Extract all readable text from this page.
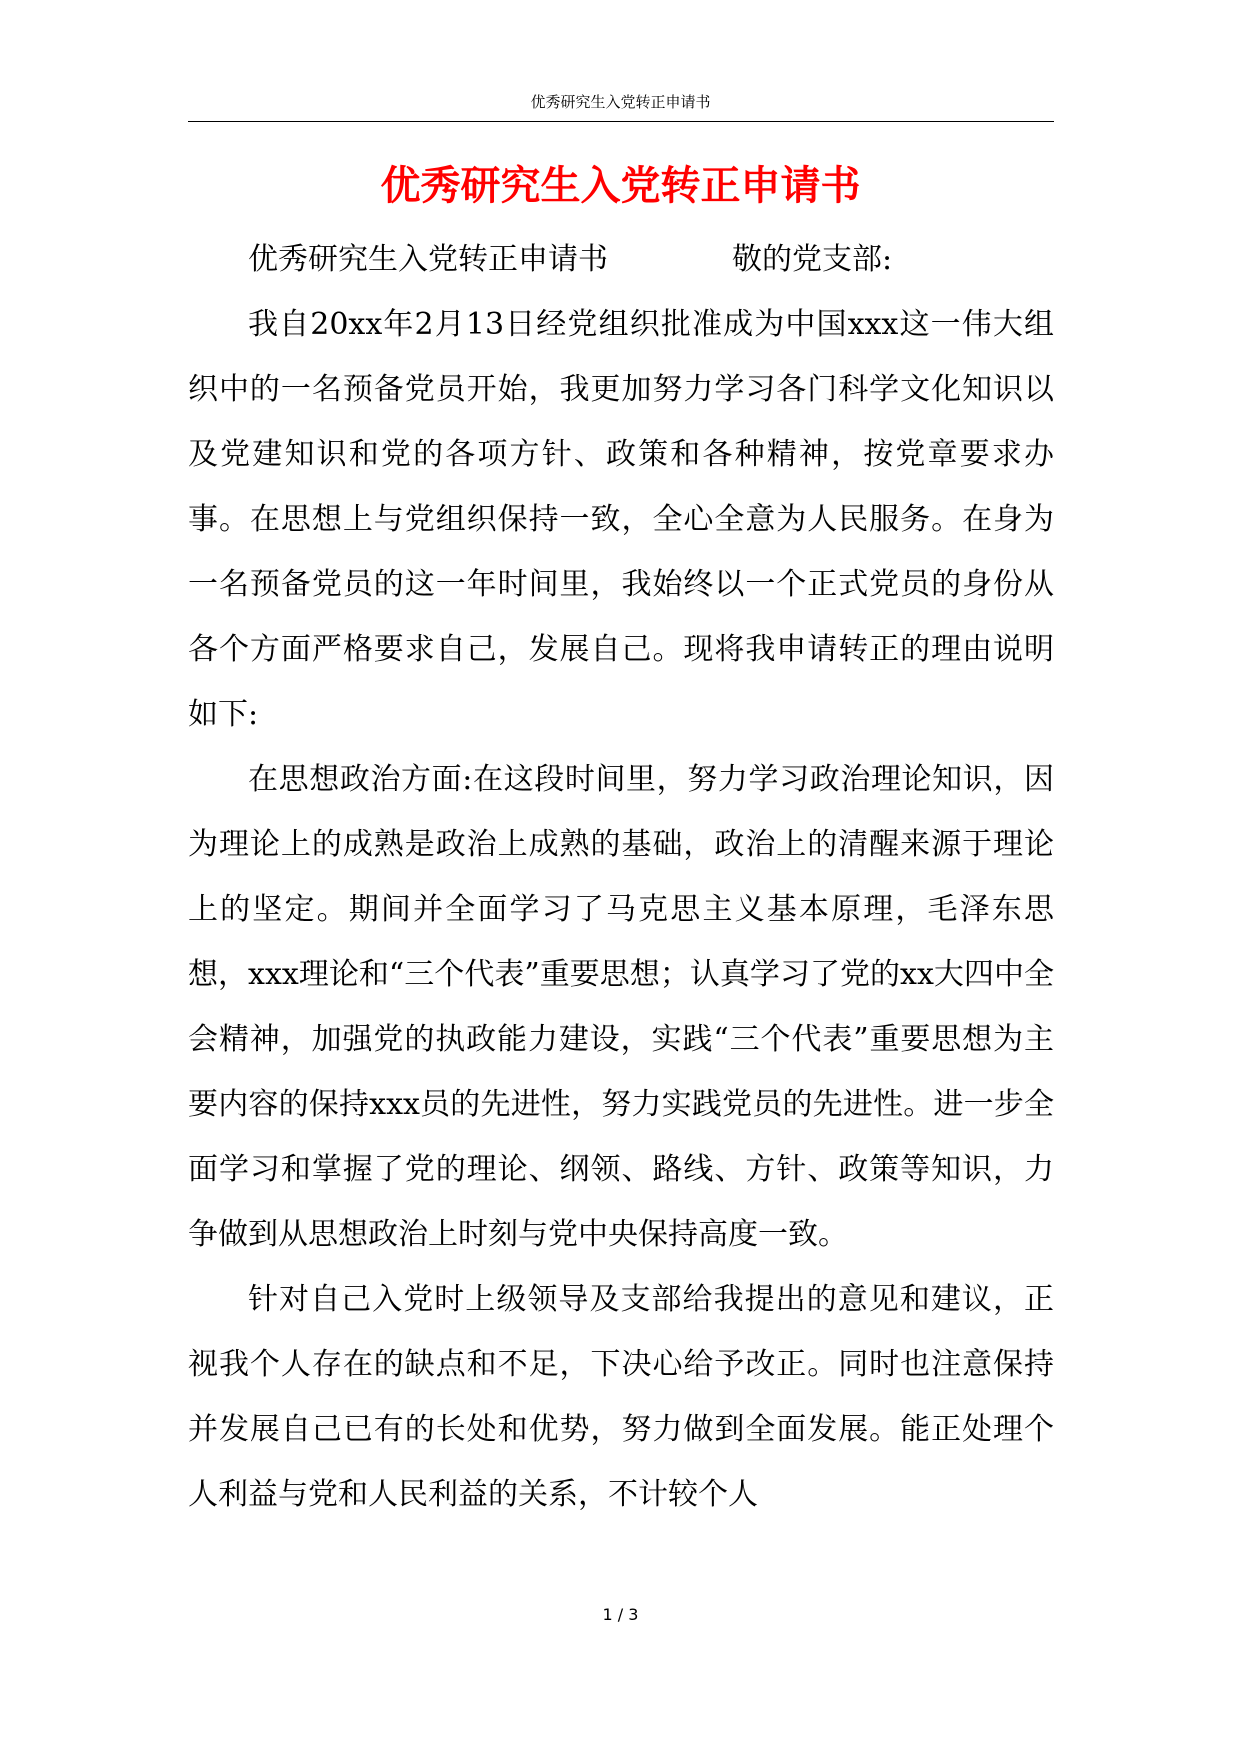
优秀研究生入党转正申请书
优秀研究生入党转正申请书

优秀研究生入党转正申请书	敬的党支部:

我自20xx年2月13日经党组织批准成为中国xxx这一伟大组织中的一名预备党员开始，我更加努力学习各门科学文化知识以及党建知识和党的各项方针、政策和各种精神，按党章要求办事。在思想上与党组织保持一致，全心全意为人民服务。在身为一名预备党员的这一年时间里，我始终以一个正式党员的身份从各个方面严格要求自己，发展自己。现将我申请转正的理由说明如下:

在思想政治方面:在这段时间里，努力学习政治理论知识，因为理论上的成熟是政治上成熟的基础，政治上的清醒来源于理论上的坚定。期间并全面学习了马克思主义基本原理，毛泽东思想，xxx理论和“三个代表”重要思想；认真学习了党的xx大四中全会精神，加强党的执政能力建设，实践“三个代表”重要思想为主要内容的保持xxx员的先进性，努力实践党员的先进性。进一步全面学习和掌握了党的理论、纲领、路线、方针、政策等知识，力争做到从思想政治上时刻与党中央保持高度一致。

针对自己入党时上级领导及支部给我提出的意见和建议，正视我个人存在的缺点和不足，下决心给予改正。同时也注意保持并发展自己已有的长处和优势，努力做到全面发展。能正处理个人利益与党和人民利益的关系，不计较个人

1 / 3
